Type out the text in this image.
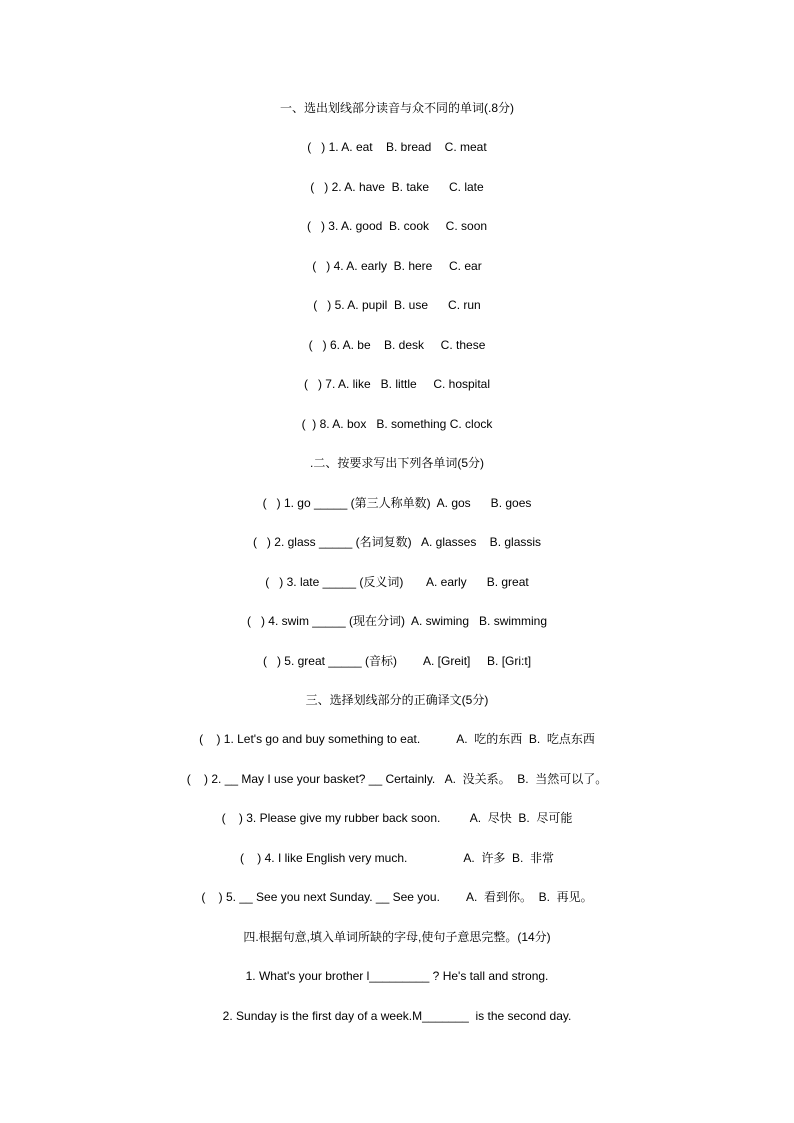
一、选出划线部分读音与众不同的单词(.8分)
(   ) 1. A. eat    B. bread    C. meat
(   ) 2. A. have  B. take      C. late
(   ) 3. A. good  B. cook     C. soon
(   ) 4. A. early  B. here     C. ear
(   ) 5. A. pupil  B. use      C. run
(   ) 6. A. be    B. desk     C. these
(   ) 7. A. like   B. little     C. hospital
(  ) 8. A. box   B. something C. clock
.二、按要求写出下列各单词(5分)
(   ) 1. go _____ (第三人称单数)  A. gos      B. goes
(   ) 2. glass _____ (名词复数)   A. glasses    B. glassis
(   ) 3. late _____ (反义词)       A. early      B. great
(   ) 4. swim _____ (现在分词)  A. swiming   B. swimming
(   ) 5. great _____ (音标)        A. [Greit]     B. [Gri:t]
三、选择划线部分的正确译文(5分)
(    ) 1. Let's go and buy something to eat.           A.  吃的东西  B.  吃点东西
(    ) 2. __ May I use your basket? __ Certainly.   A.  没关系。  B.  当然可以了。
(    ) 3. Please give my rubber back soon.         A.  尽快  B.  尽可能
(    ) 4. I like English very much.                 A.  许多  B.  非常
(    ) 5. __ See you next Sunday. __ See you.        A.  看到你。  B.  再见。
四.根据句意,填入单词所缺的字母,使句子意思完整。(14分)
1. What's your brother l_________ ? He's tall and strong.
2. Sunday is the first day of a week.M_______  is the second day.
